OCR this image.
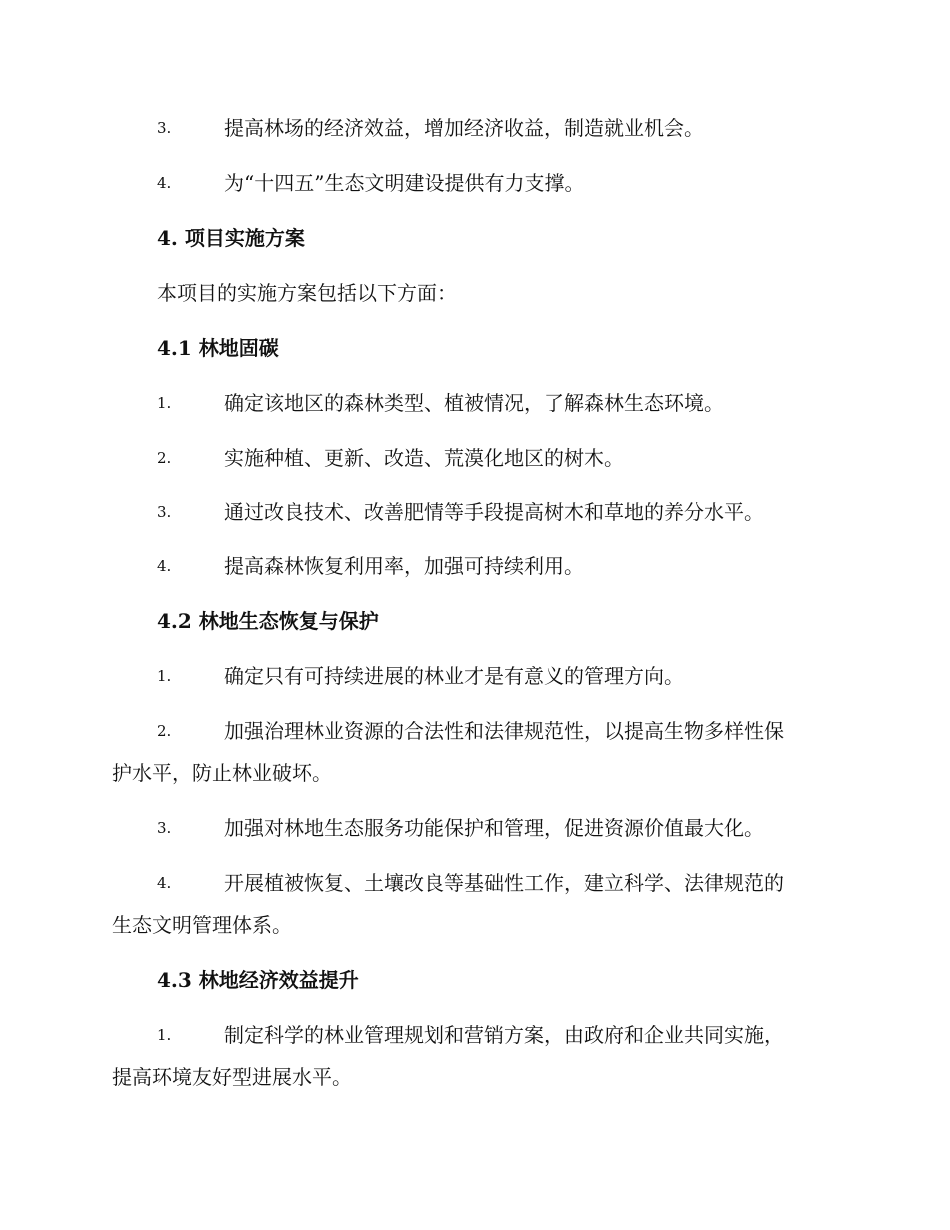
3.	提高林场的经济效益，增加经济收益，制造就业机会。
4.	为“十四五”生态文明建设提供有力支撑。
4. 项目实施方案
本项目的实施方案包括以下方面：
4.1 林地固碳
1.	确定该地区的森林类型、植被情况，了解森林生态环境。
2.	实施种植、更新、改造、荒漠化地区的树木。
3.	通过改良技术、改善肥情等手段提高树木和草地的养分水平。
4.	提高森林恢复利用率，加强可持续利用。
4.2 林地生态恢复与保护
1.	确定只有可持续进展的林业才是有意义的管理方向。
2.	加强治理林业资源的合法性和法律规范性，以提高生物多样性保
护水平，防止林业破坏。
3.	加强对林地生态服务功能保护和管理，促进资源价值最大化。
4.	开展植被恢复、土壤改良等基础性工作，建立科学、法律规范的
生态文明管理体系。
4.3 林地经济效益提升
1.	制定科学的林业管理规划和营销方案，由政府和企业共同实施，
提高环境友好型进展水平。
